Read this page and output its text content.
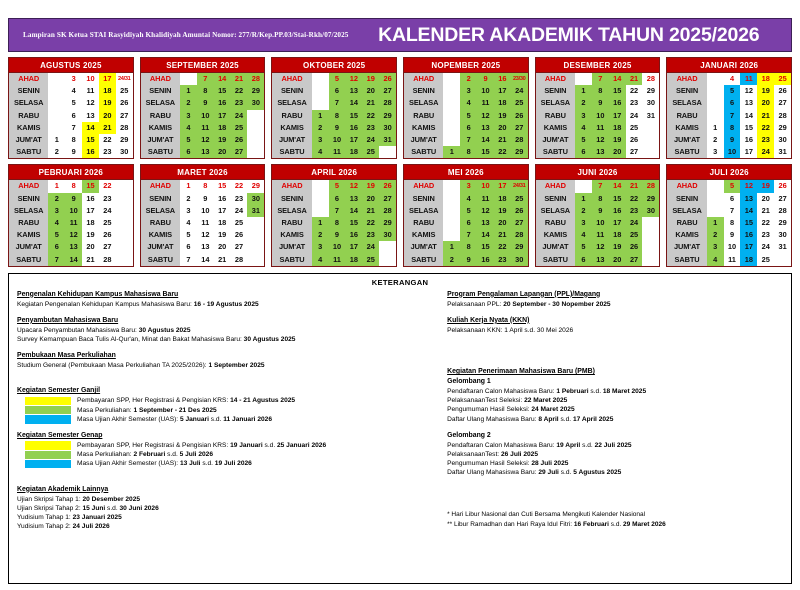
Lampiran SK Ketua STAI Rasyidiyah Khalidiyah Amuntai Nomor: 277/R/Kep.PP.03/Stai-Rkh/07/2025	KALENDER AKADEMIK TAHUN 2025/2026
AGUSTUS 2025
AHAD		3	10	17	24/31
SENIN		4	11	18	25
SELASA		5	12	19	26
RABU		6	13	20	27
KAMIS		7	14	21	28
JUM'AT	1	8	15	22	29
SABTU	2	9	16	23	30
SEPTEMBER 2025
AHAD		7	14	21	28
SENIN	1	8	15	22	29
SELASA	2	9	16	23	30
RABU	3	10	17	24	
KAMIS	4	11	18	25	
JUM'AT	5	12	19	26	
SABTU	6	13	20	27	
OKTOBER 2025
AHAD		5	12	19	26
SENIN		6	13	20	27
SELASA		7	14	21	28
RABU	1	8	15	22	29
KAMIS	2	9	16	23	30
JUM'AT	3	10	17	24	31
SABTU	4	11	18	25	
NOPEMBER 2025
AHAD		2	9	16	23/30
SENIN		3	10	17	24
SELASA		4	11	18	25
RABU		5	12	19	26
KAMIS		6	13	20	27
JUM'AT		7	14	21	28
SABTU	1	8	15	22	29
DESEMBER 2025
AHAD		7	14	21	28
SENIN	1	8	15	22	29
SELASA	2	9	16	23	30
RABU	3	10	17	24	31
KAMIS	4	11	18	25	
JUM'AT	5	12	19	26	
SABTU	6	13	20	27	
JANUARI 2026
AHAD		4	11	18	25
SENIN		5	12	19	26
SELASA		6	13	20	27
RABU		7	14	21	28
KAMIS	1	8	15	22	29
JUM'AT	2	9	16	23	30
SABTU	3	10	17	24	31
PEBRUARI 2026
AHAD	1	8	15	22	
SENIN	2	9	16	23	
SELASA	3	10	17	24	
RABU	4	11	18	25	
KAMIS	5	12	19	26	
JUM'AT	6	13	20	27	
SABTU	7	14	21	28	
MARET 2026
AHAD	1	8	15	22	29
SENIN	2	9	16	23	30
SELASA	3	10	17	24	31
RABU	4	11	18	25	
KAMIS	5	12	19	26	
JUM'AT	6	13	20	27	
SABTU	7	14	21	28	
APRIL 2026
AHAD		5	12	19	26
SENIN		6	13	20	27
SELASA		7	14	21	28
RABU	1	8	15	22	29
KAMIS	2	9	16	23	30
JUM'AT	3	10	17	24	
SABTU	4	11	18	25	
MEI 2026
AHAD		3	10	17	24/31
SENIN		4	11	18	25
SELASA		5	12	19	26
RABU		6	13	20	27
KAMIS		7	14	21	28
JUM'AT	1	8	15	22	29
SABTU	2	9	16	23	30
JUNI 2026
AHAD		7	14	21	28
SENIN	1	8	15	22	29
SELASA	2	9	16	23	30
RABU	3	10	17	24	
KAMIS	4	11	18	25	
JUM'AT	5	12	19	26	
SABTU	6	13	20	27	
JULI 2026
AHAD		5	12	19	26
SENIN		6	13	20	27
SELASA		7	14	21	28
RABU	1	8	15	22	29
KAMIS	2	9	16	23	30
JUM'AT	3	10	17	24	31
SABTU	4	11	18	25	
KETERANGAN
Pengenalan Kehidupan Kampus Mahasiswa Baru

Kegiatan Pengenalan Kehidupan Kampus Mahasiswa Baru: 16 - 19 Agustus 2025

Penyambutan Mahasiswa Baru

Upacara Penyambutan Mahasiswa Baru: 30 Agustus 2025

Survey Kemampuan Baca Tulis Al-Qur'an, Minat dan Bakat Mahasiswa Baru: 30 Agustus 2025

Pembukaan Masa Perkuliahan

Studium General (Pembukaan Masa Perkuliahan TA 2025/2026): 1 September 2025

Kegiatan Semester Ganjil
Pembayaran SPP, Her Registrasi & Pengisian KRS: 14 - 21 Agustus 2025
Masa Perkuliahan: 1 September - 21 Des 2025
Masa Ujian Akhir Semester (UAS): 5 Januari s.d. 11 Januari 2026
Kegiatan Semester Genap
Pembayaran SPP, Her Registrasi & Pengisian KRS: 19 Januari s.d. 25 Januari 2026
Masa Perkuliahan: 2 Februari s.d. 5 Juli 2026
Masa Ujian Akhir Semester (UAS): 13 Juli s.d. 19 Juli 2026
Kegiatan Akademik Lainnya

Ujian Skripsi Tahap 1: 20 Desember 2025

Ujian Skripsi Tahap 2: 15 Juni s.d. 30 Juni 2026

Yudisium Tahap 1: 23 Januari 2025

Yudisium Tahap 2: 24 Juli 2026

Program Pengalaman Lapangan (PPL)/Magang

Pelaksanaan PPL: 20 September - 30 Nopember 2025

Kuliah Kerja Nyata (KKN)

Pelaksanaan KKN: 1 April s.d. 30 Mei 2026

Kegiatan Penerimaan Mahasiswa Baru (PMB)
Gelombang 1

Pendaftaran Calon Mahasiswa Baru: 1 Pebruari s.d. 18 Maret 2025

PelaksanaanTest Seleksi: 22 Maret 2025

Pengumuman Hasil Seleksi: 24 Maret 2025

Daftar Ulang Mahasiswa Baru: 8 April s.d. 17 April 2025

Gelombang 2

Pendaftaran Calon Mahasiswa Baru: 19 April s.d. 22 Juli 2025

PelaksanaanTest: 26 Juli 2025

Pengumuman Hasil Seleksi: 28 Juli 2025

Daftar Ulang Mahasiswa Baru: 29 Juli s.d. 5 Agustus 2025

* Hari Libur Nasional dan Cuti Bersama Mengikuti Kalender Nasional

** Libur Ramadhan dan Hari Raya Idul Fitri: 16 Februari s.d. 29 Maret 2026
